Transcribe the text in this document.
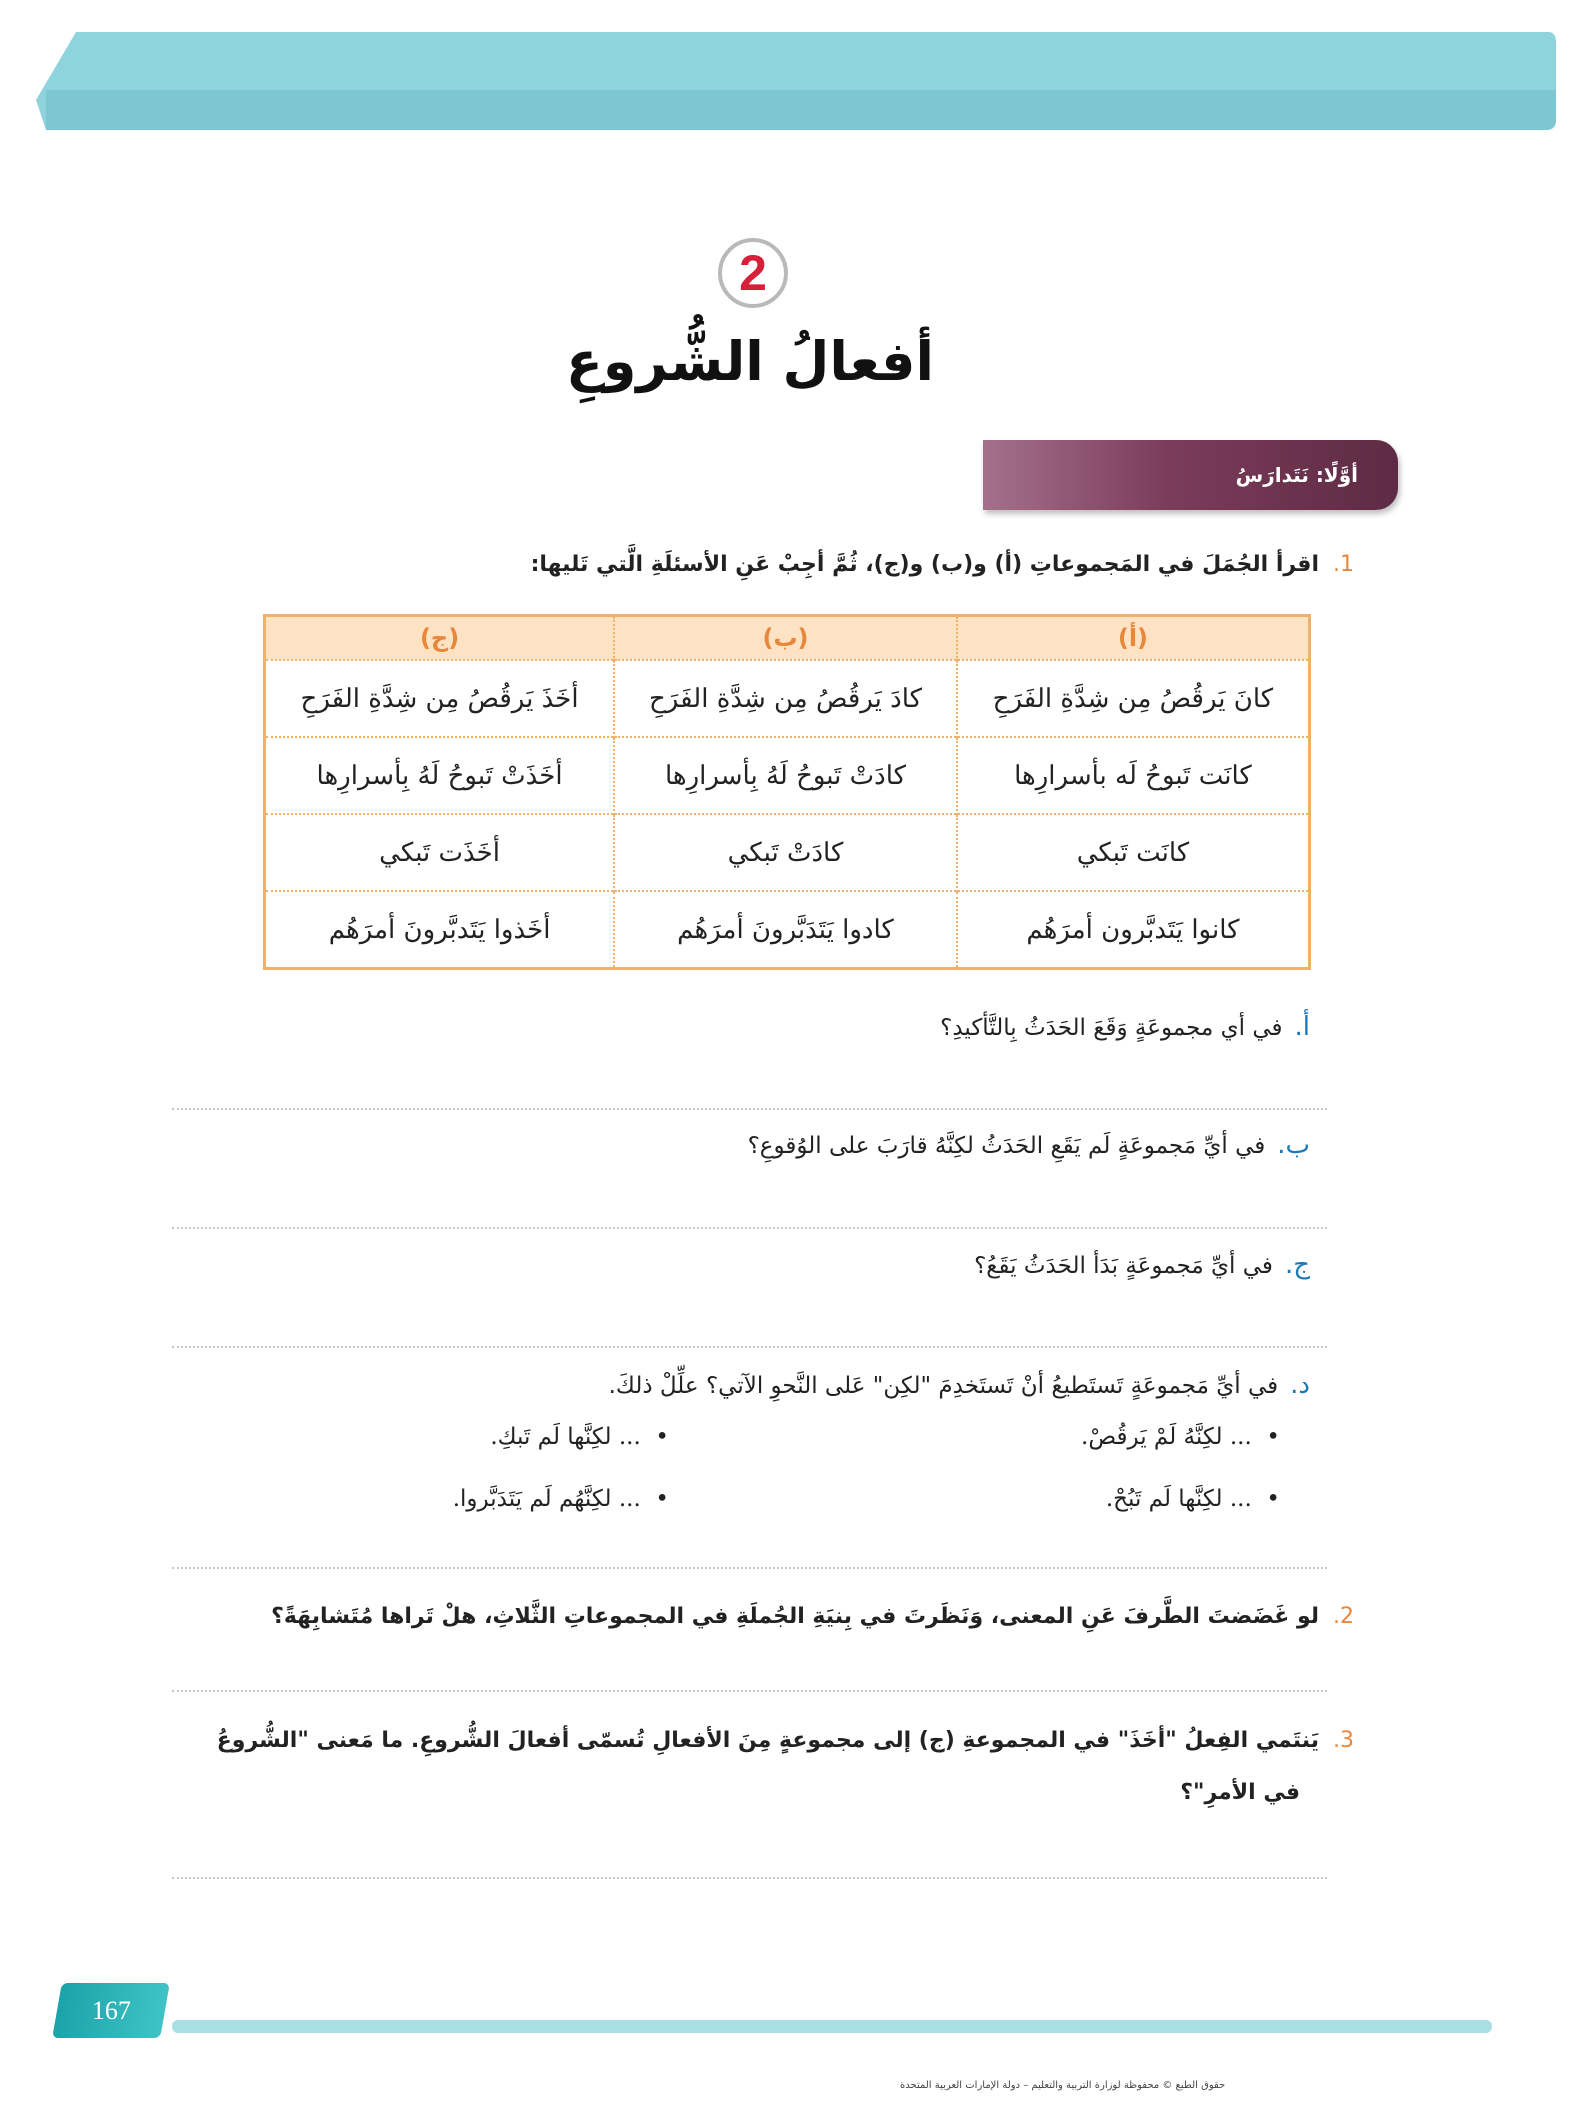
2
أفعالُ الشُّروعِ
أوَّلًا: نَتَدارَسُ
1.اقرأ الجُمَلَ في المَجموعاتِ (أ) و(ب) و(ج)، ثُمَّ أجِبْ عَنِ الأسئلَةِ الَّتي تَليها:
(أ)	(ب)	(ج)
كانَ يَرقُصُ مِن شِدَّةِ الفَرَحِ	كادَ يَرقُصُ مِن شِدَّةِ الفَرَحِ	أخَذَ يَرقُصُ مِن شِدَّةِ الفَرَحِ
كانَت تَبوحُ لَه بأسرارِها	كادَتْ تَبوحُ لَهُ بِأسرارِها	أخَذَتْ تَبوحُ لَهُ بِأسرارِها
كانَت تَبكي	كادَتْ تَبكي	أخَذَت تَبكي
كانوا يَتَدبَّرون أمرَهُم	كادوا يَتَدَبَّرونَ أمرَهُم	أخَذوا يَتَدبَّرونَ أمرَهُم
أ.في أي مجموعَةٍ وَقَعَ الحَدَثُ بِالتَّأكيدِ؟
ب.في أيِّ مَجموعَةٍ لَم يَقَعِ الحَدَثُ لكِنَّهُ قارَبَ على الوُقوعِ؟
ج.في أيِّ مَجموعَةٍ بَدَأ الحَدَثُ يَقَعُ؟
د.في أيِّ مَجموعَةٍ تَستَطيعُ أنْ تَستَخدِمَ "لكِن" عَلى النَّحوِ الآتي؟ علِّلْ ذلكَ.
•  ... لكِنَّهُ لَمْ يَرقُصْ.
•  ... لكِنَّها لَم تَبكِ.
•  ... لكِنَّها لَم تَبُحْ.
•  ... لكِنَّهُم لَم يَتَدَبَّروا.
2.لو غَضَضتَ الطَّرفَ عَنِ المعنى، وَنَظَرتَ في بِنيَةِ الجُملَةِ في المجموعاتِ الثَّلاثِ، هلْ تَراها مُتَشابِهَةً؟
3.يَنتَمي الفِعلُ "أخَذَ" في المجموعةِ (ج) إلى مجموعةٍ مِنَ الأفعالِ تُسمّى أفعالَ الشُّروعِ. ما مَعنى "الشُّروعُ
في الأمرِ"؟
167
حقوق الطبع © محفوظة لوزارة التربية والتعليم – دولة الإمارات العربية المتحدة
